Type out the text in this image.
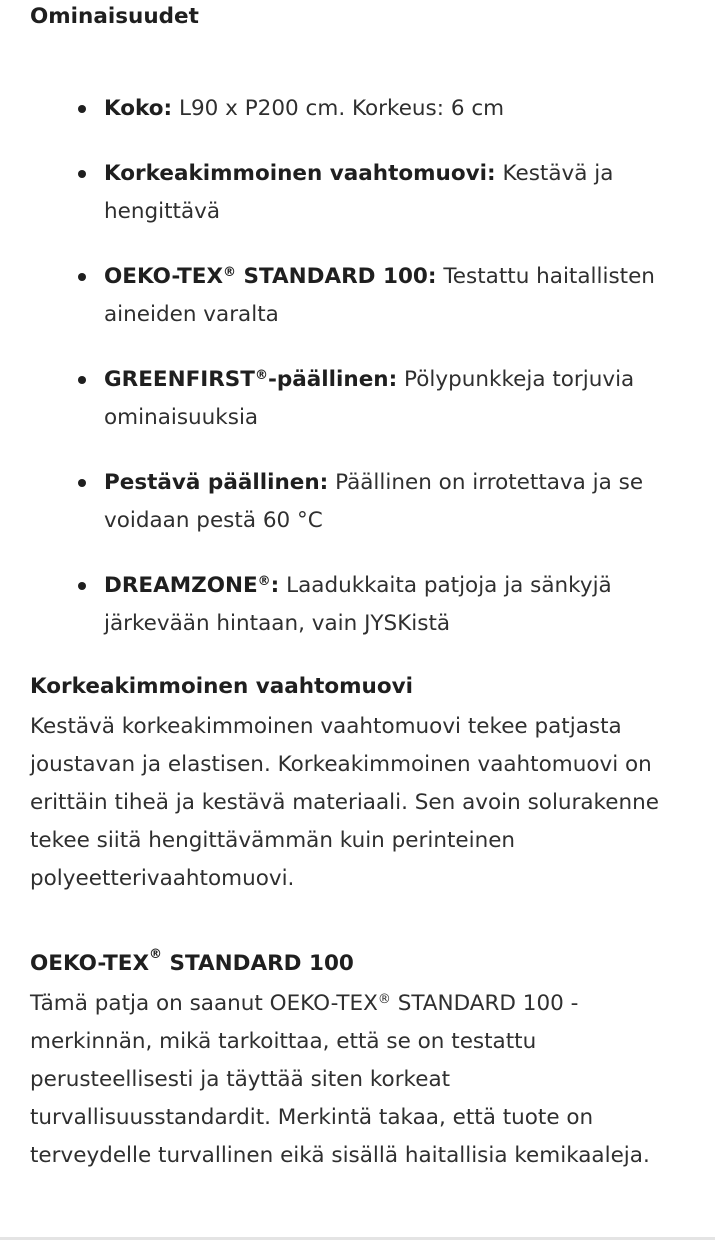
Ominaisuudet
Koko: L90 x P200 cm. Korkeus: 6 cm
Korkeakimmoinen vaahtomuovi: Kestävä ja hengittävä
OEKO-TEX® STANDARD 100: Testattu haitallisten aineiden varalta
GREENFIRST®-päällinen: Pölypunkkeja torjuvia ominaisuuksia
Pestävä päällinen: Päällinen on irrotettava ja se voidaan pestä 60 °C
DREAMZONE®: Laadukkaita patjoja ja sänkyjä järkevään hintaan, vain JYSKistä
Korkeakimmoinen vaahtomuovi

Kestävä korkeakimmoinen vaahtomuovi tekee patjasta joustavan ja elastisen. Korkeakimmoinen vaahtomuovi on erittäin tiheä ja kestävä materiaali. Sen avoin solurakenne tekee siitä hengittävämmän kuin perinteinen polyeetterivaahtomuovi.

OEKO-TEX® STANDARD 100

Tämä patja on saanut OEKO-TEX® STANDARD 100 -merkinnän, mikä tarkoittaa, että se on testattu perusteellisesti ja täyttää siten korkeat turvallisuusstandardit. Merkintä takaa, että tuote on terveydelle turvallinen eikä sisällä haitallisia kemikaaleja.
